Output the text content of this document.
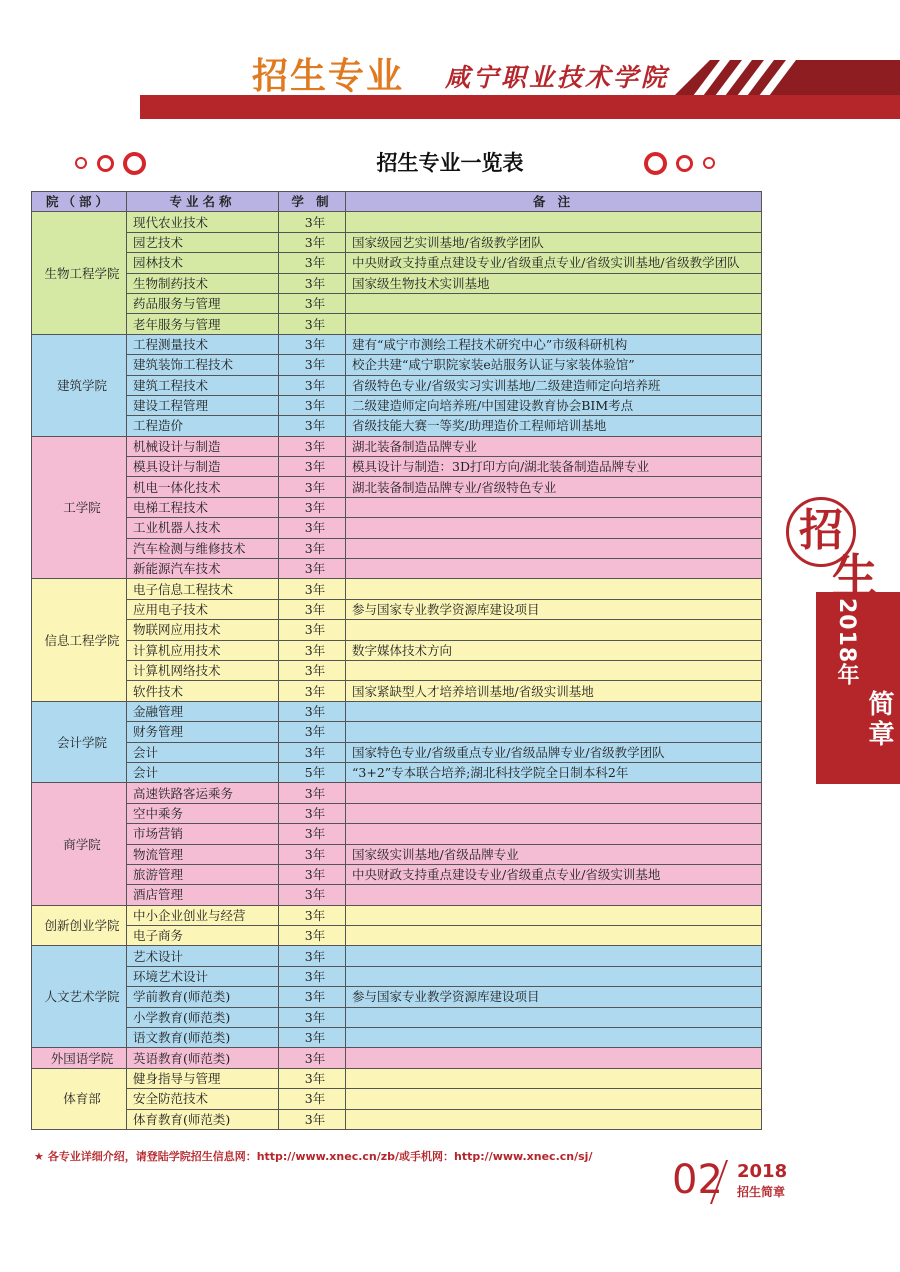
招生专业 咸宁职业技术学院
招生专业一览表
院（部）	专业名称	学 制	备 注
生物工程学院	现代农业技术	3年	
	园艺技术	3年	国家级园艺实训基地/省级教学团队
	园林技术	3年	中央财政支持重点建设专业/省级重点专业/省级实训基地/省级教学团队
	生物制药技术	3年	国家级生物技术实训基地
	药品服务与管理	3年	
	老年服务与管理	3年	
建筑学院	工程测量技术	3年	建有“咸宁市测绘工程技术研究中心”市级科研机构
	建筑装饰工程技术	3年	校企共建“咸宁职院家装e站服务认证与家装体验馆”
	建筑工程技术	3年	省级特色专业/省级实习实训基地/二级建造师定向培养班
	建设工程管理	3年	二级建造师定向培养班/中国建设教育协会BIM考点
	工程造价	3年	省级技能大赛一等奖/助理造价工程师培训基地
工学院	机械设计与制造	3年	湖北装备制造品牌专业
	模具设计与制造	3年	模具设计与制造：3D打印方向/湖北装备制造品牌专业
	机电一体化技术	3年	湖北装备制造品牌专业/省级特色专业
	电梯工程技术	3年	
	工业机器人技术	3年	
	汽车检测与维修技术	3年	
	新能源汽车技术	3年	
信息工程学院	电子信息工程技术	3年	
	应用电子技术	3年	参与国家专业教学资源库建设项目
	物联网应用技术	3年	
	计算机应用技术	3年	数字媒体技术方向
	计算机网络技术	3年	
	软件技术	3年	国家紧缺型人才培养培训基地/省级实训基地
会计学院	金融管理	3年	
	财务管理	3年	
	会计	3年	国家特色专业/省级重点专业/省级品牌专业/省级教学团队
	会计	5年	“3+2”专本联合培养;湖北科技学院全日制本科2年
商学院	高速铁路客运乘务	3年	
	空中乘务	3年	
	市场营销	3年	
	物流管理	3年	国家级实训基地/省级品牌专业
	旅游管理	3年	中央财政支持重点建设专业/省级重点专业/省级实训基地
	酒店管理	3年	
创新创业学院	中小企业创业与经营	3年	
	电子商务	3年	
人文艺术学院	艺术设计	3年	
	环境艺术设计	3年	
	学前教育(师范类)	3年	参与国家专业教学资源库建设项目
	小学教育(师范类)	3年	
	语文教育(师范类)	3年	
外国语学院	英语教育(师范类)	3年	
体育部	健身指导与管理	3年	
	安全防范技术	3年	
	体育教育(师范类)	3年	
招
生
2018年
简章
★ 各专业详细介绍，请登陆学院招生信息网：http://www.xnec.cn/zb/或手机网：http://www.xnec.cn/sj/
02 2018
招生简章
